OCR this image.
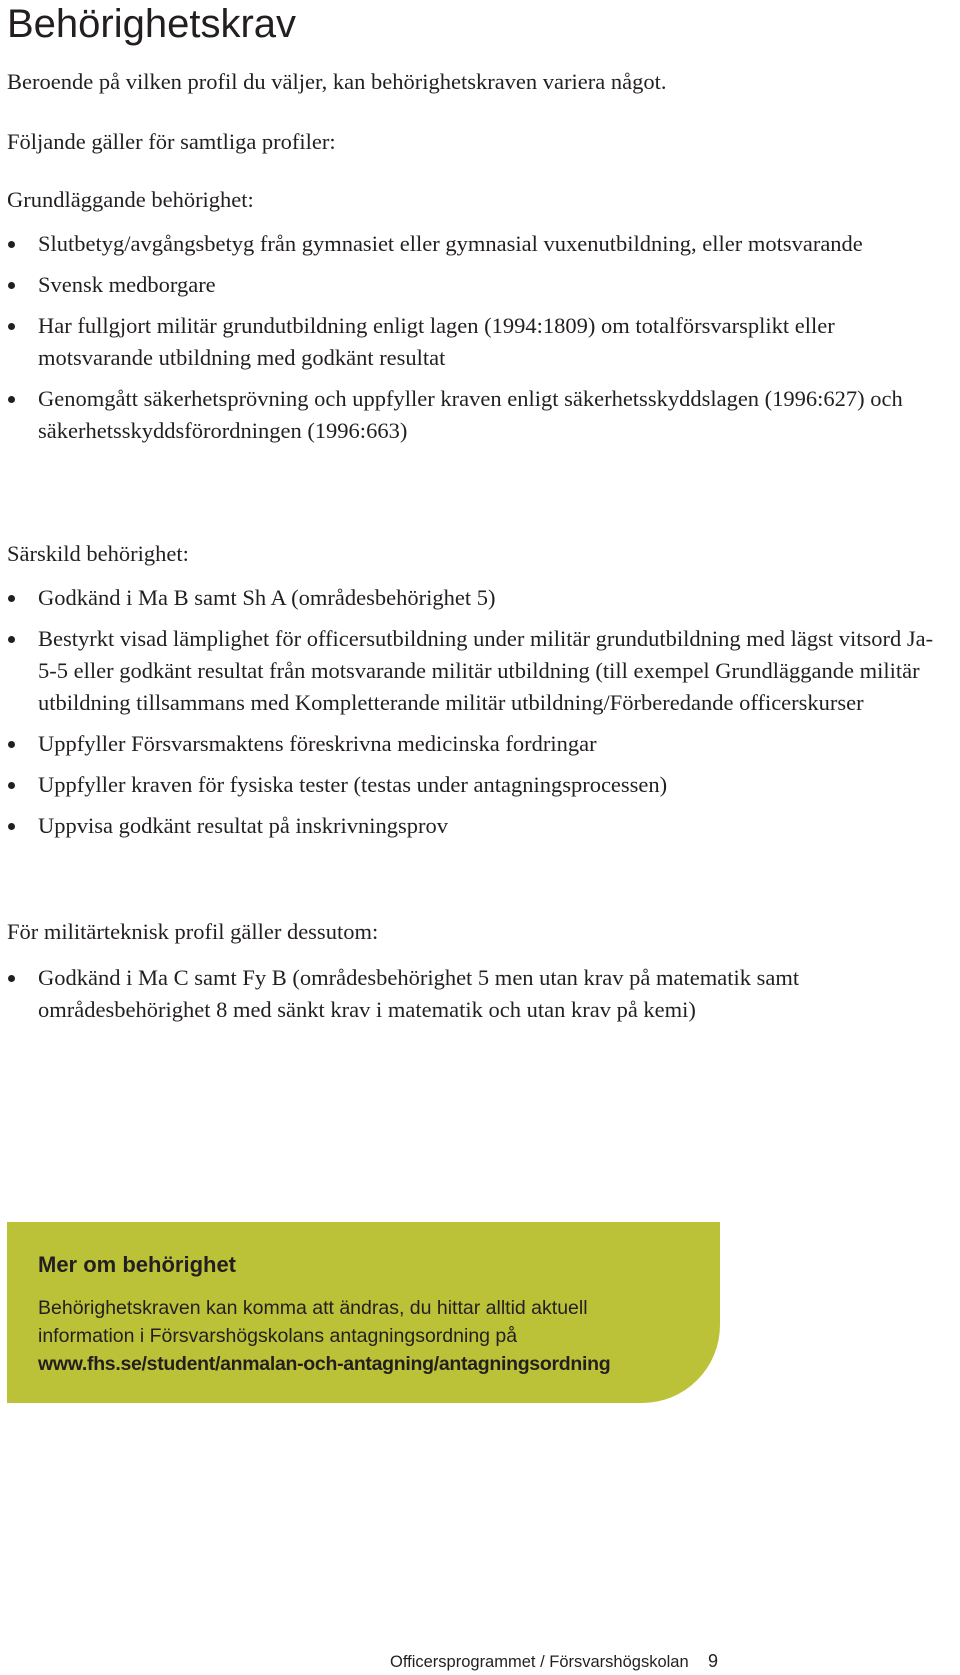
Behörighetskrav

Beroende på vilken profil du väljer, kan behörighetskraven variera något.

Följande gäller för samtliga profiler:

Grundläggande behörighet:

Slutbetyg/avgångsbetyg från gymnasiet eller gymnasial vuxenutbildning, eller motsvarande
Svensk medborgare
Har fullgjort militär grundutbildning enligt lagen (1994:1809) om totalförsvarsplikt eller motsvarande utbildning med godkänt resultat
Genomgått säkerhetsprövning och uppfyller kraven enligt säkerhetsskyddslagen (1996:627) och säkerhetsskyddsförordningen (1996:663)

Särskild behörighet:

Godkänd i Ma B samt Sh A (områdesbehörighet 5)
Bestyrkt visad lämplighet för officersutbildning under militär grundutbildning med lägst vitsord Ja-5-5 eller godkänt resultat från motsvarande militär utbildning (till exempel Grundläggande militär utbildning tillsammans med Kompletterande militär utbildning/Förberedande officerskurser
Uppfyller Försvarsmaktens föreskrivna medicinska fordringar
Uppfyller kraven för fysiska tester (testas under antagningsprocessen)
Uppvisa godkänt resultat på inskrivningsprov

För militärteknisk profil gäller dessutom:

Godkänd i Ma C samt Fy B (områdesbehörighet 5 men utan krav på matematik samt områdesbehörighet 8 med sänkt krav i matematik och utan krav på kemi)

Mer om behörighet

Behörighetskraven kan komma att ändras, du hittar alltid aktuell information i Försvarshögskolans antagningsordning på

www.fhs.se/student/anmalan-och-antagning/antagningsordning
Officersprogrammet / Försvarshögskolan 9
